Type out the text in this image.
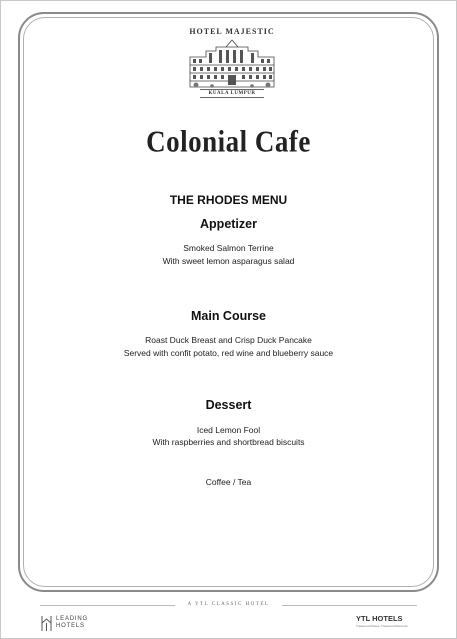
HOTEL MAJESTIC
KUALA LUMPUR
Colonial Cafe
THE RHODES MENU
Appetizer
Smoked Salmon Terrine
With sweet lemon asparagus salad
Main Course
Roast Duck Breast and Crisp Duck Pancake
Served with confit potato, red wine and blueberry sauce
Dessert
Iced Lemon Fool
With raspberries and shortbread biscuits
Coffee / Tea
A YTL CLASSIC HOTEL
LEADING
HOTELS
YTL HOTELS
Treasured Places. Treasured Moments.
